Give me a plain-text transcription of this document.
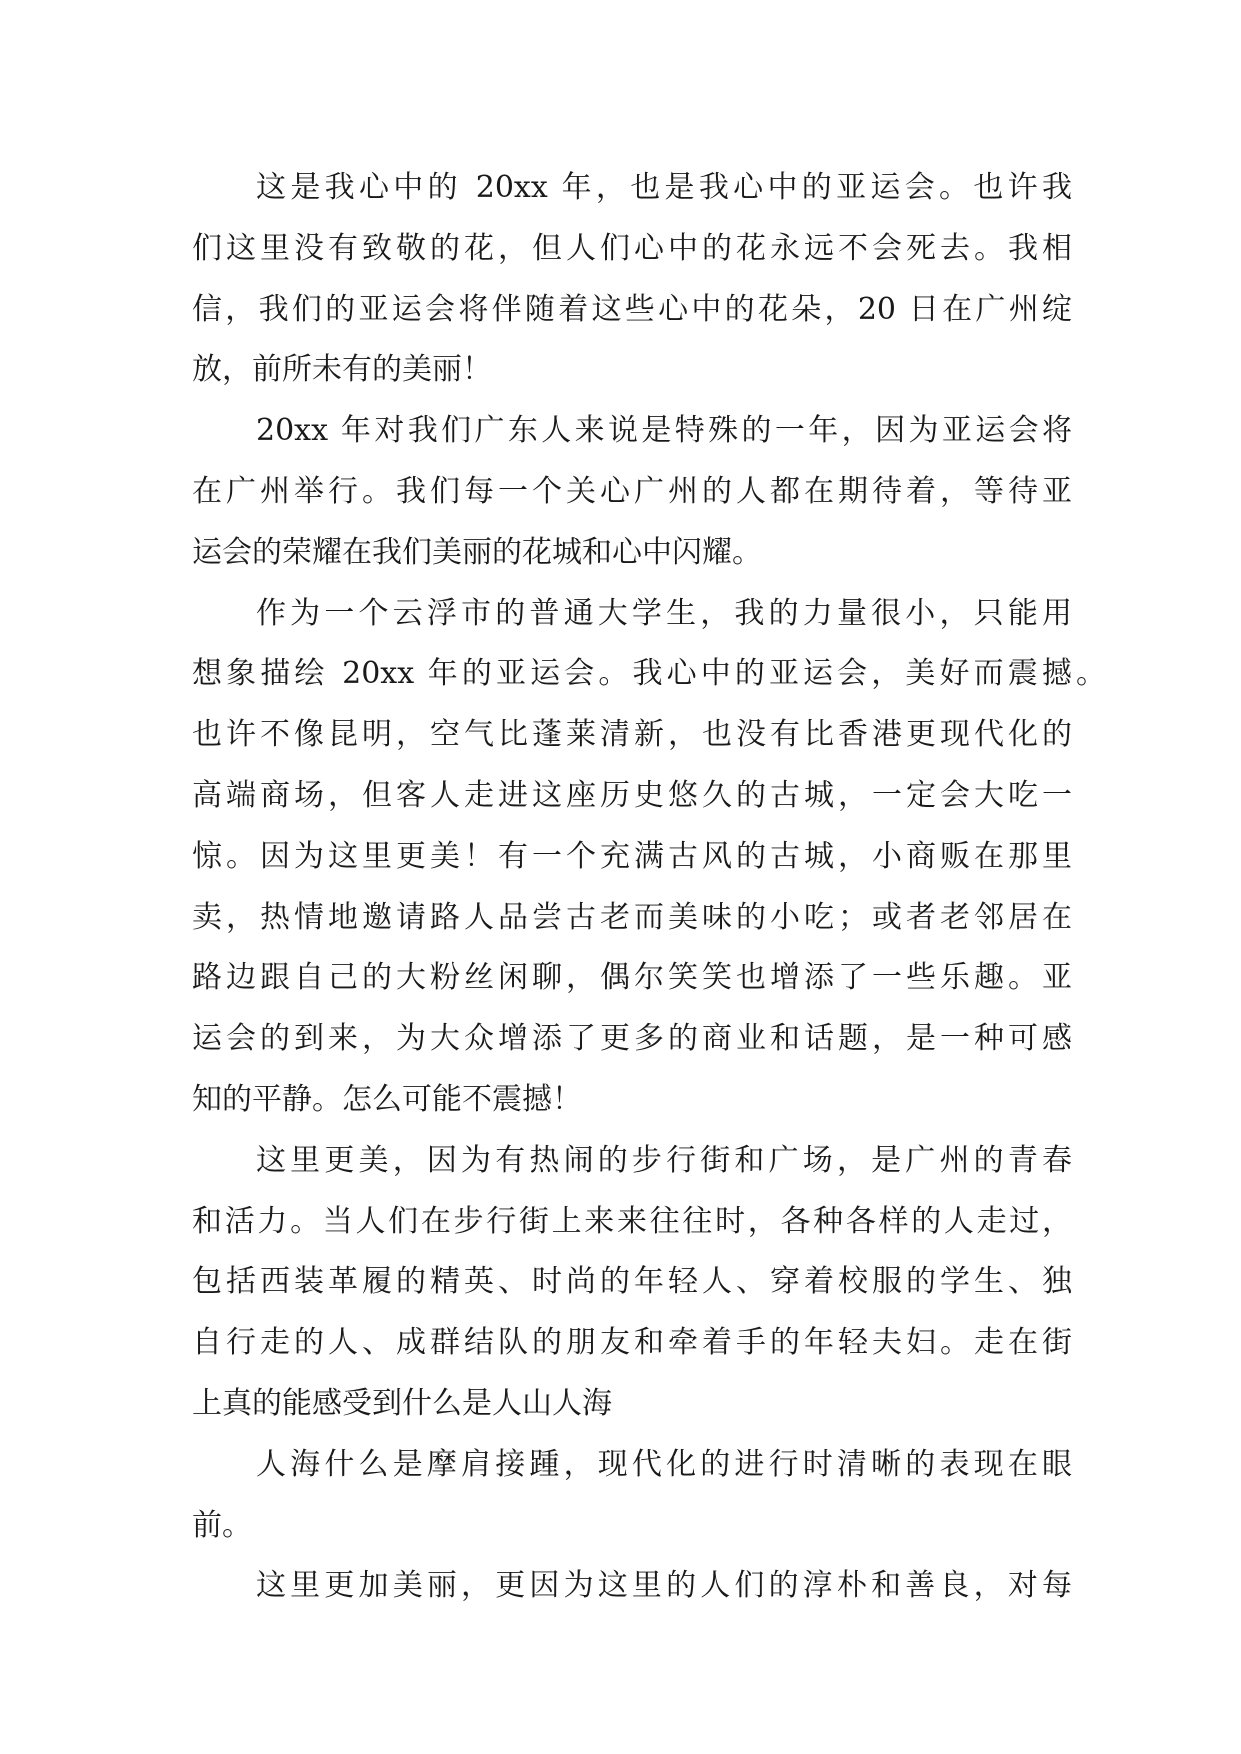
这是我心中的 20xx 年，也是我心中的亚运会。也许我
们这里没有致敬的花，但人们心中的花永远不会死去。我相
信，我们的亚运会将伴随着这些心中的花朵，20 日在广州绽
放，前所未有的美丽！
20xx 年对我们广东人来说是特殊的一年，因为亚运会将
在广州举行。我们每一个关心广州的人都在期待着，等待亚
运会的荣耀在我们美丽的花城和心中闪耀。
作为一个云浮市的普通大学生，我的力量很小，只能用
想象描绘 20xx 年的亚运会。我心中的亚运会，美好而震撼。
也许不像昆明，空气比蓬莱清新，也没有比香港更现代化的
高端商场，但客人走进这座历史悠久的古城，一定会大吃一
惊。因为这里更美！有一个充满古风的古城，小商贩在那里
卖，热情地邀请路人品尝古老而美味的小吃；或者老邻居在
路边跟自己的大粉丝闲聊，偶尔笑笑也增添了一些乐趣。亚
运会的到来，为大众增添了更多的商业和话题，是一种可感
知的平静。怎么可能不震撼！
这里更美，因为有热闹的步行街和广场，是广州的青春
和活力。当人们在步行街上来来往往时，各种各样的人走过，
包括西装革履的精英、时尚的年轻人、穿着校服的学生、独
自行走的人、成群结队的朋友和牵着手的年轻夫妇。走在街
上真的能感受到什么是人山人海
人海什么是摩肩接踵，现代化的进行时清晰的表现在眼
前。
这里更加美丽，更因为这里的人们的淳朴和善良，对每
